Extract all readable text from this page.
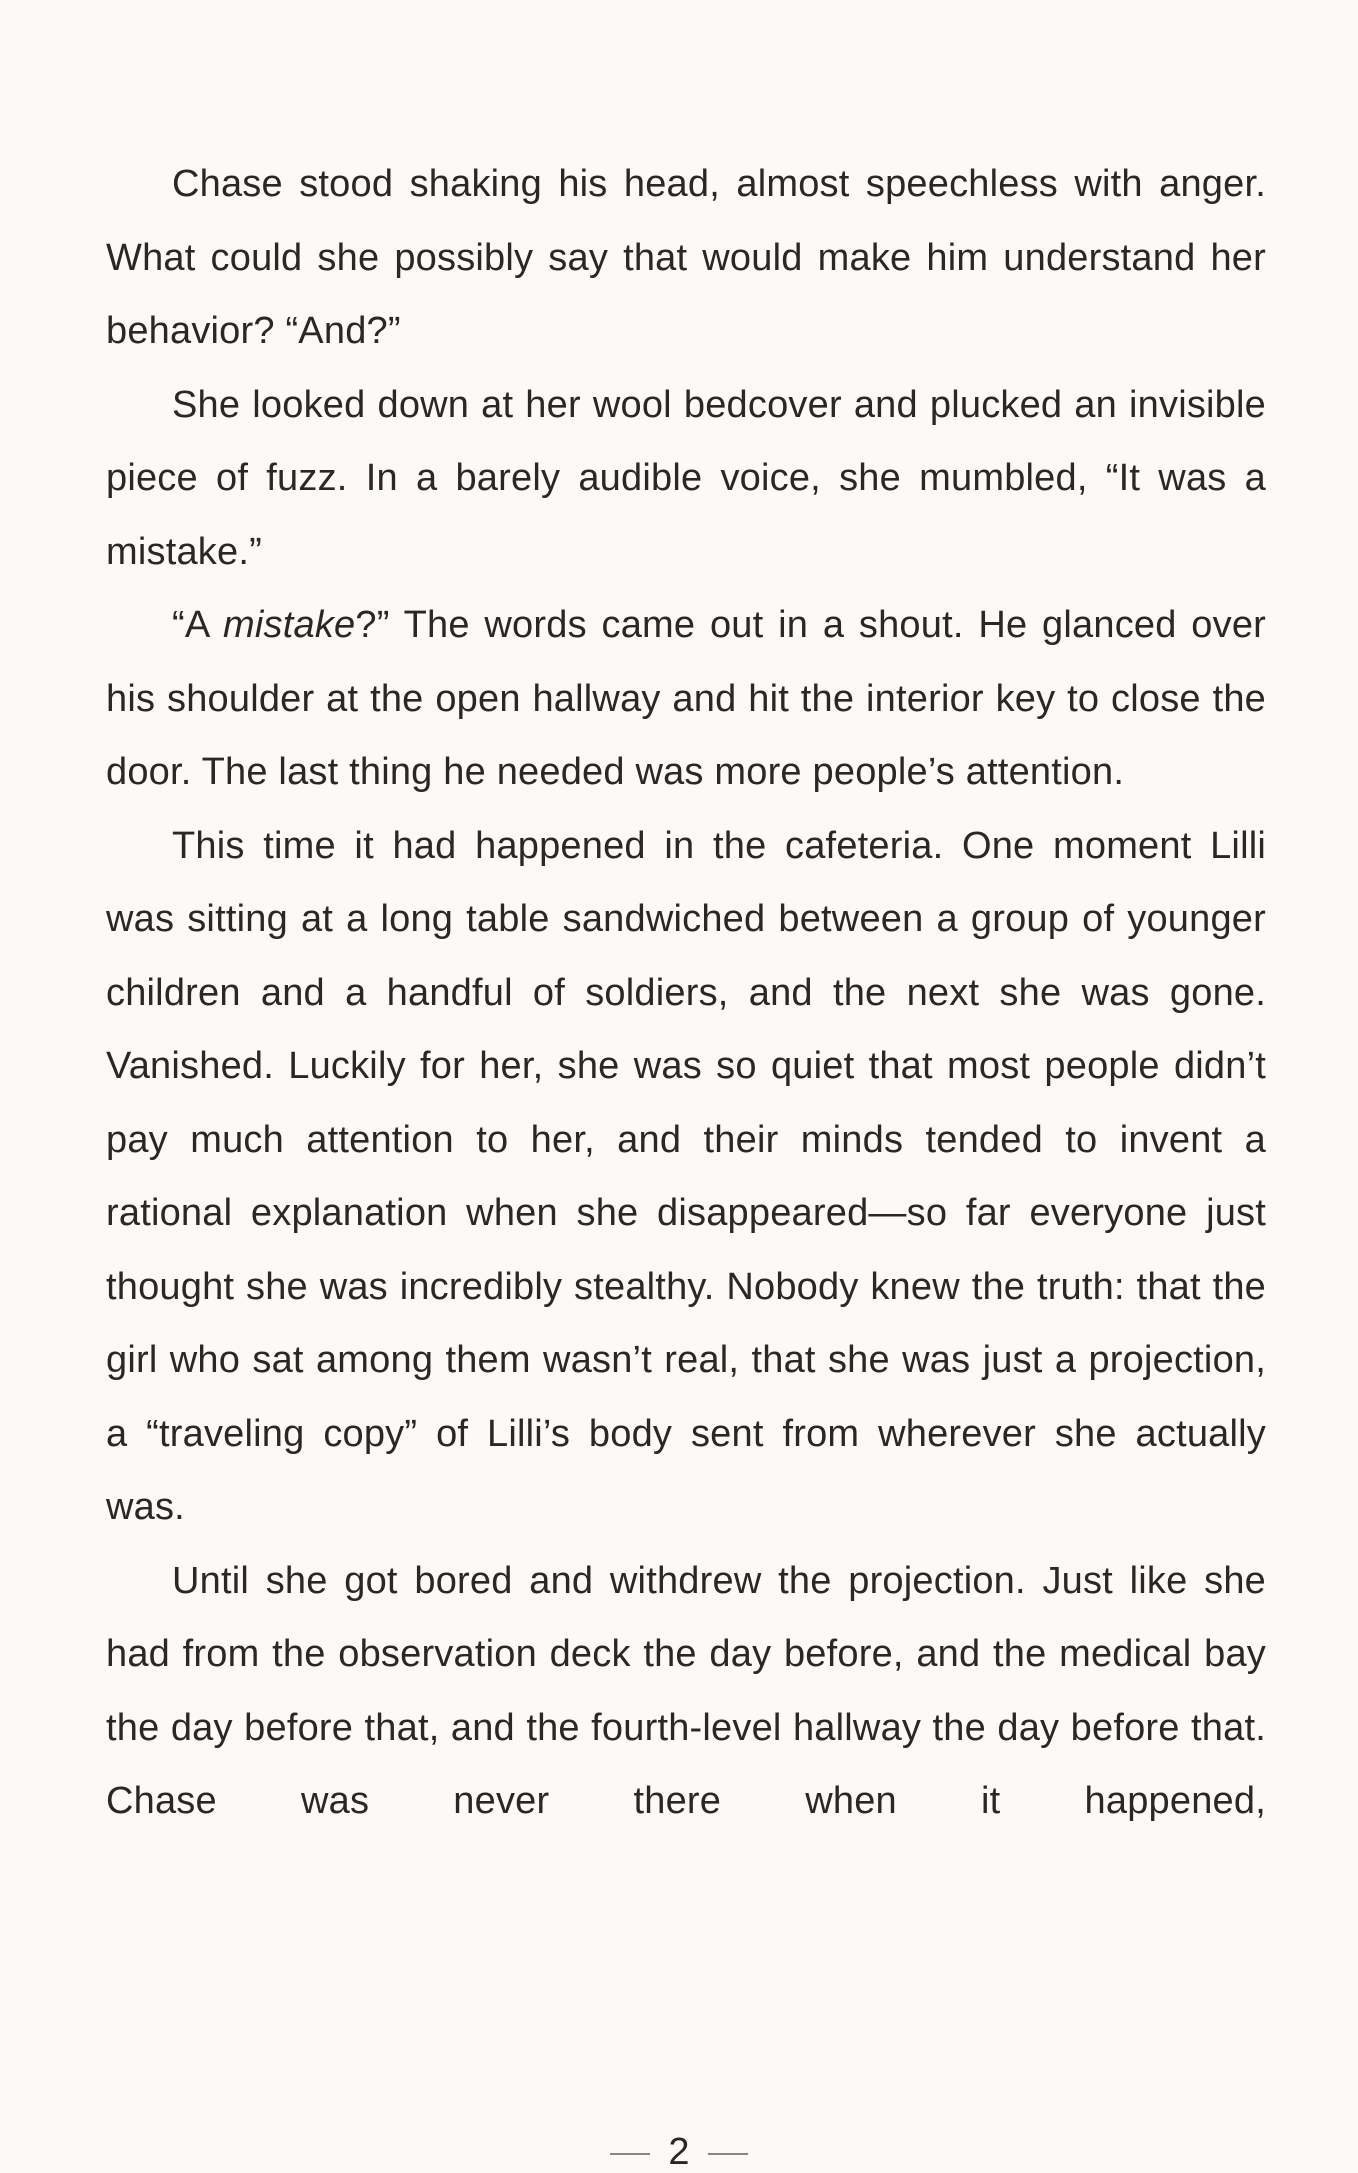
Chase stood shaking his head, almost speechless with anger. What could she possibly say that would make him understand her behavior? “And?”

She looked down at her wool bedcover and plucked an invisible piece of fuzz. In a barely audible voice, she mumbled, “It was a mistake.”

“A mistake?” The words came out in a shout. He glanced over his shoulder at the open hallway and hit the interior key to close the door. The last thing he needed was more people’s attention.

This time it had happened in the cafeteria. One moment Lilli was sitting at a long table sandwiched between a group of younger children and a handful of soldiers, and the next she was gone. Vanished. Luckily for her, she was so quiet that most people didn’t pay much attention to her, and their minds tended to invent a rational explanation when she disappeared—so far everyone just thought she was incredibly stealthy. Nobody knew the truth: that the girl who sat among them wasn’t real, that she was just a projection, a “traveling copy” of Lilli’s body sent from wherever she actually was.

Until she got bored and withdrew the projection. Just like she had from the observation deck the day before, and the medical bay the day before that, and the fourth-level hallway the day before that. Chase was never there when it happened,

2
